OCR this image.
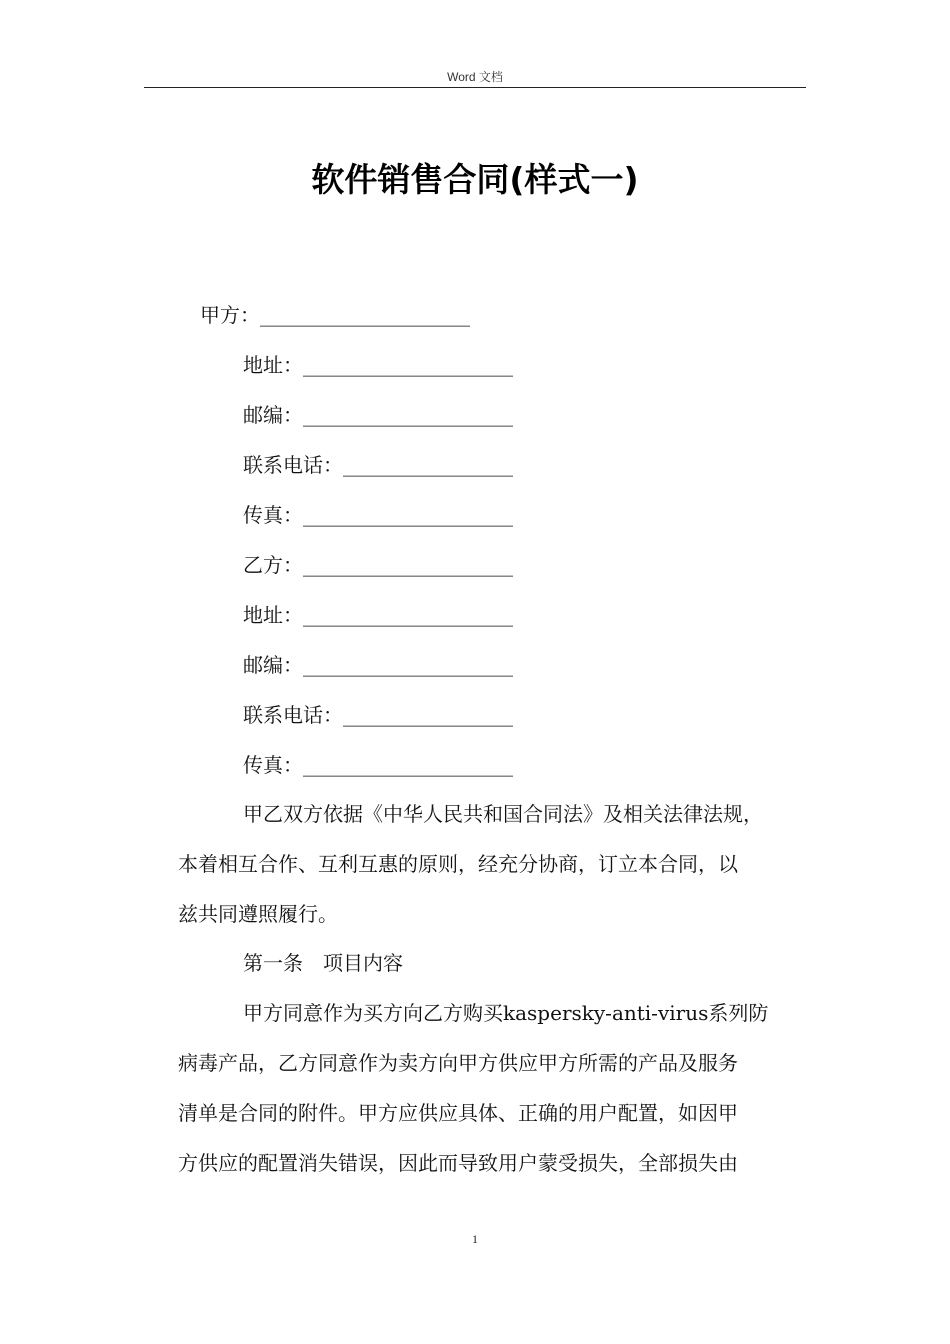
Word 文档
软件销售合同(样式一)
甲方：_____________________
地址：_____________________
邮编：_____________________
联系电话：_________________
传真：_____________________
乙方：_____________________
地址：_____________________
邮编：_____________________
联系电话：_________________
传真：_____________________
甲乙双方依据《中华人民共和国合同法》及相关法律法规，
本着相互合作、互利互惠的原则，经充分协商，订立本合同，以
兹共同遵照履行。
第一条　项目内容
甲方同意作为买方向乙方购买kaspersky-anti-virus系列防
病毒产品，乙方同意作为卖方向甲方供应甲方所需的产品及服务
清单是合同的附件。甲方应供应具体、正确的用户配置，如因甲
方供应的配置消失错误，因此而导致用户蒙受损失，全部损失由
1
